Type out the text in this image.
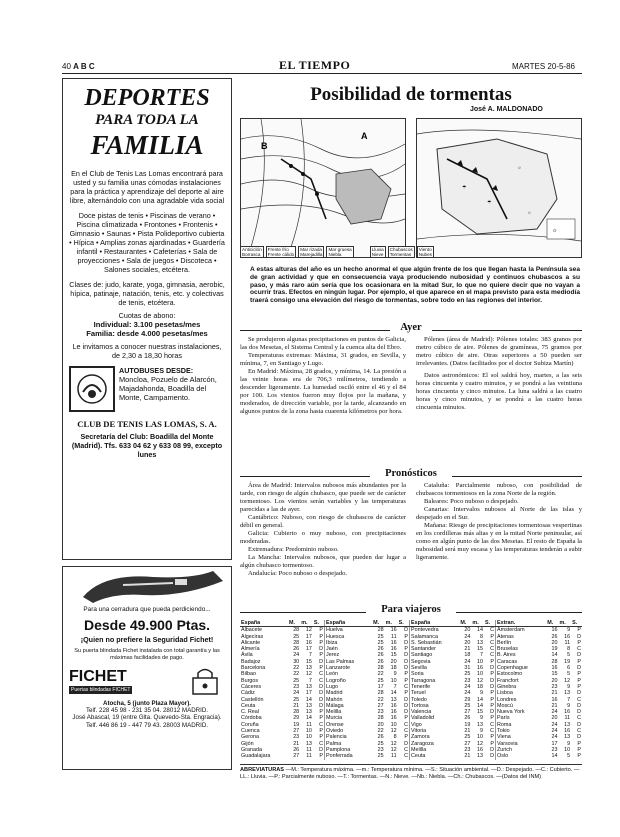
40 A B C	EL TIEMPO	MARTES 20-5-86
DEPORTES
PARA TODA LA
FAMILIA

En el Club de Tenis Las Lomas encontrará para usted y su familia unas cómodas instalaciones para la práctica y aprendizaje del deporte al aire libre, alternándolo con una agradable vida social

Doce pistas de tenis • Piscinas de verano • Piscina climatizada • Frontones • Frontenis • Gimnasio • Saunas • Pista Polideportivo cubierta • Hípica • Amplias zonas ajardinadas • Guardería infantil • Restaurantes • Cafeterías • Sala de proyecciones • Sala de juegos • Discoteca • Salones sociales, etcétera.

Clases de: judo, karate, yoga, gimnasia, aerobic, hípica, patinaje, natación, tenis, etc. y colectivas de tenis, etcétera.

Cuotas de abono:

Individual: 3.100 pesetas/mes

Familia: desde 4.000 pesetas/mes

Le invitamos a conocer nuestras instalaciones, de 2,30 a 18,30 horas

AUTOBUSES DESDE:

Moncloa, Pozuelo de Alarcón, Majadahonda, Boadilla del Monte, Campamento.

CLUB DE TENIS LAS LOMAS, S. A.

Secretaría del Club: Boadilla del Monte (Madrid). Tfs. 633 04 62 y 633 08 99, excepto lunes

Para una cerradura que pueda perdiciendo...

Desde 49.900 Ptas.

¡Quien no prefiere la Seguridad Fichet!

Su puerta blindada Fichet instalada con total garantía y las máximas facilidades de pago.

FICHET
Puertas blindadas FICHET
Atocha, 5 (junto Plaza Mayor).
Telf. 228 45 98 - 231 35 04. 28012 MADRID.
José Abascal, 19 (entre Glta. Quevedo-Sta. Engracia).
Telf. 446 86 19 - 447 79 43. 28003 MADRID.
Posibilidad de tormentas
José A. MALDONADO
B
A
☼
☂
☼
☂
☼
Anticiclón
Borrasca
Frente frío
Frente cálido
Mar rizada
Marejadilla
Mar gruesa
Niebla
Lluvia
Nieve
Chubascos
Tormentas
Viento
Nubes
A estas alturas del año es un hecho anormal el que algún frente de los que llegan hasta la Península sea de gran actividad y que en consecuencia vaya produciendo nubosidad y continuos chubascos a su paso, y más raro aún sería que los ocasionara en la mitad Sur, lo que no quiere decir que no vayan a ocurrir tras. Efectos en ningún lugar. Por ejemplo, el que aparece en el mapa previsto para esta mediodía traerá consigo una elevación del riesgo de tormentas, sobre todo en las regiones del interior.
Ayer
Se produjeron algunas precipitaciones en puntos de Galicia, las dos Mesetas, el Sistema Central y la cuenca alta del Ebro.
Temperaturas extremas: Máxima, 31 grados, en Sevilla, y mínima, 7, en Santiago y Lugo.
En Madrid: Máxima, 28 grados, y mínima, 14. La presión a las veinte horas era de 706,3 milímetros, tendiendo a descender ligeramente. La humedad osciló entre el 46 y el 84 por 100. Los vientos fueron muy flojos por la mañana, y moderados, de dirección variable, por la tarde, alcanzando en algunos puntos de la zona hasta cuarenta kilómetros por hora.
Pólenes (área de Madrid): Pólenes totales: 383 granos por metro cúbico de aire. Pólenes de gramíneas, 75 gramos por metro cúbico de aire. Otras superiores a 50 pueden ser irrelevantes. (Datos facilitados por el doctor Subiza Martín)
Datos astronómicos: El sol saldrá hoy, martes, a las seis horas cincuenta y cuatro minutos, y se pondrá a las veintiuna horas cincuenta y cinco minutos. La luna saldrá a las cuatro horas y cinco minutos, y se pondrá a las cuatro horas cincuenta minutos.
Pronósticos
Área de Madrid: Intervalos nubosos más abundantes por la tarde, con riesgo de algún chubasco, que puede ser de carácter tormentoso. Los vientos serán variables y las temperaturas parecidas a las de ayer.
Cantábrico: Nuboso, con riesgo de chubascos de carácter débil en general.
Galicia: Cubierto o muy nuboso, con precipitaciones moderadas.
Extremadura: Predominio nuboso.
La Mancha: Intervalos nubosos, que pueden dar lugar a algún chubasco tormentoso.
Andalucía: Poco nuboso o despejado.
Cataluña: Parcialmente nuboso, con posibilidad de chubascos tormentosos en la zona Norte de la región.
Baleares: Poco nuboso o despejado.
Canarias: Intervalos nubosos al Norte de las islas y despejado en el Sur.
Mañana: Riesgo de precipitaciones tormentosas vespertinas en los cordilleras más altas y en la mitad Norte peninsular, así como en algún punto de las dos Mesetas. El resto de España la nubosidad será muy escasa y las temperaturas tenderán a subir ligeramente.
Para viajeros
España	M.	m.	S.
Albacete	28	12	P
Algeciras	25	17	P
Alicante	28	16	P
Almería	26	17	D
Ávila	24	7	P
Badajoz	30	15	D
Barcelona	22	13	P
Bilbao	22	12	C
Burgos	25	7	C
Cáceres	23	13	D
Cádiz	24	17	D
Castellón	25	14	D
Ceuta	21	13	D
C. Real	28	13	P
Córdoba	29	14	P
Coruña	19	11	C
Cuenca	27	10	P
Gerona	23	10	P
Gijón	21	13	C
Granada	26	11	D
Guadalajara	27	11	P
España	M.	m.	S.
Huelva	28	16	D
Huesca	25	11	P
Ibiza	25	16	D
Jaén	26	16	P
Jerez	26	15	D
Las Palmas	26	20	D
Lanzarote	28	18	D
León	22	9	P
Logroño	25	10	P
Lugo	17	7	C
Madrid	28	14	P
Mahón	22	13	D
Málaga	27	16	D
Melilla	23	16	D
Murcia	28	16	P
Orense	20	10	C
Oviedo	22	12	C
Palencia	26	8	P
Palma	25	12	D
Pamplona	23	12	C
Ponferrada	25	11	C
España	M.	m.	S.
Pontevedra	20	14	C
Salamanca	24	8	P
S. Sebastián	20	13	C
Santander	21	15	C
Santiago	18	7	C
Segovia	24	10	P
Sevilla	31	16	D
Soria	25	10	P
Tarragona	23	12	D
Tenerife	24	18	D
Teruel	24	9	P
Toledo	29	14	P
Tortosa	25	14	P
Valencia	27	15	D
Valladolid	26	9	P
Vigo	19	13	C
Vitoria	21	9	C
Zamora	25	10	P
Zaragoza	27	12	P
Melilla	23	16	D
Ceuta	21	13	D
Extran.	M.	m.	S.
Amsterdam	16	9	P
Atenas	26	16	D
Berlín	20	11	P
Bruselas	19	8	C
B. Aires	14	5	D
Caracas	28	19	P
Copenhague	16	6	D
Estocolmo	15	5	P
Francfort	20	12	P
Ginebra	23	9	P
Lisboa	21	13	D
Londres	16	7	C
Moscú	21	9	D
Nueva York	24	16	D
París	20	11	C
Roma	24	13	D
Tokio	24	16	C
Viena	24	13	D
Varsovia	17	9	P
Zurich	23	10	P
Oslo	14	5	P
ABREVIATURAS —M.: Temperatura máxima. —m.: Temperatura mínima. —S.: Situación ambiental. —D.: Despejado. —C.: Cubierto. —LL.: Lluvia. —P.: Parcialmente nuboso. —T.: Tormentas. —N.: Nieve. —Nb.: Niebla. —Ch.: Chubascos. —(Datos del INM)
